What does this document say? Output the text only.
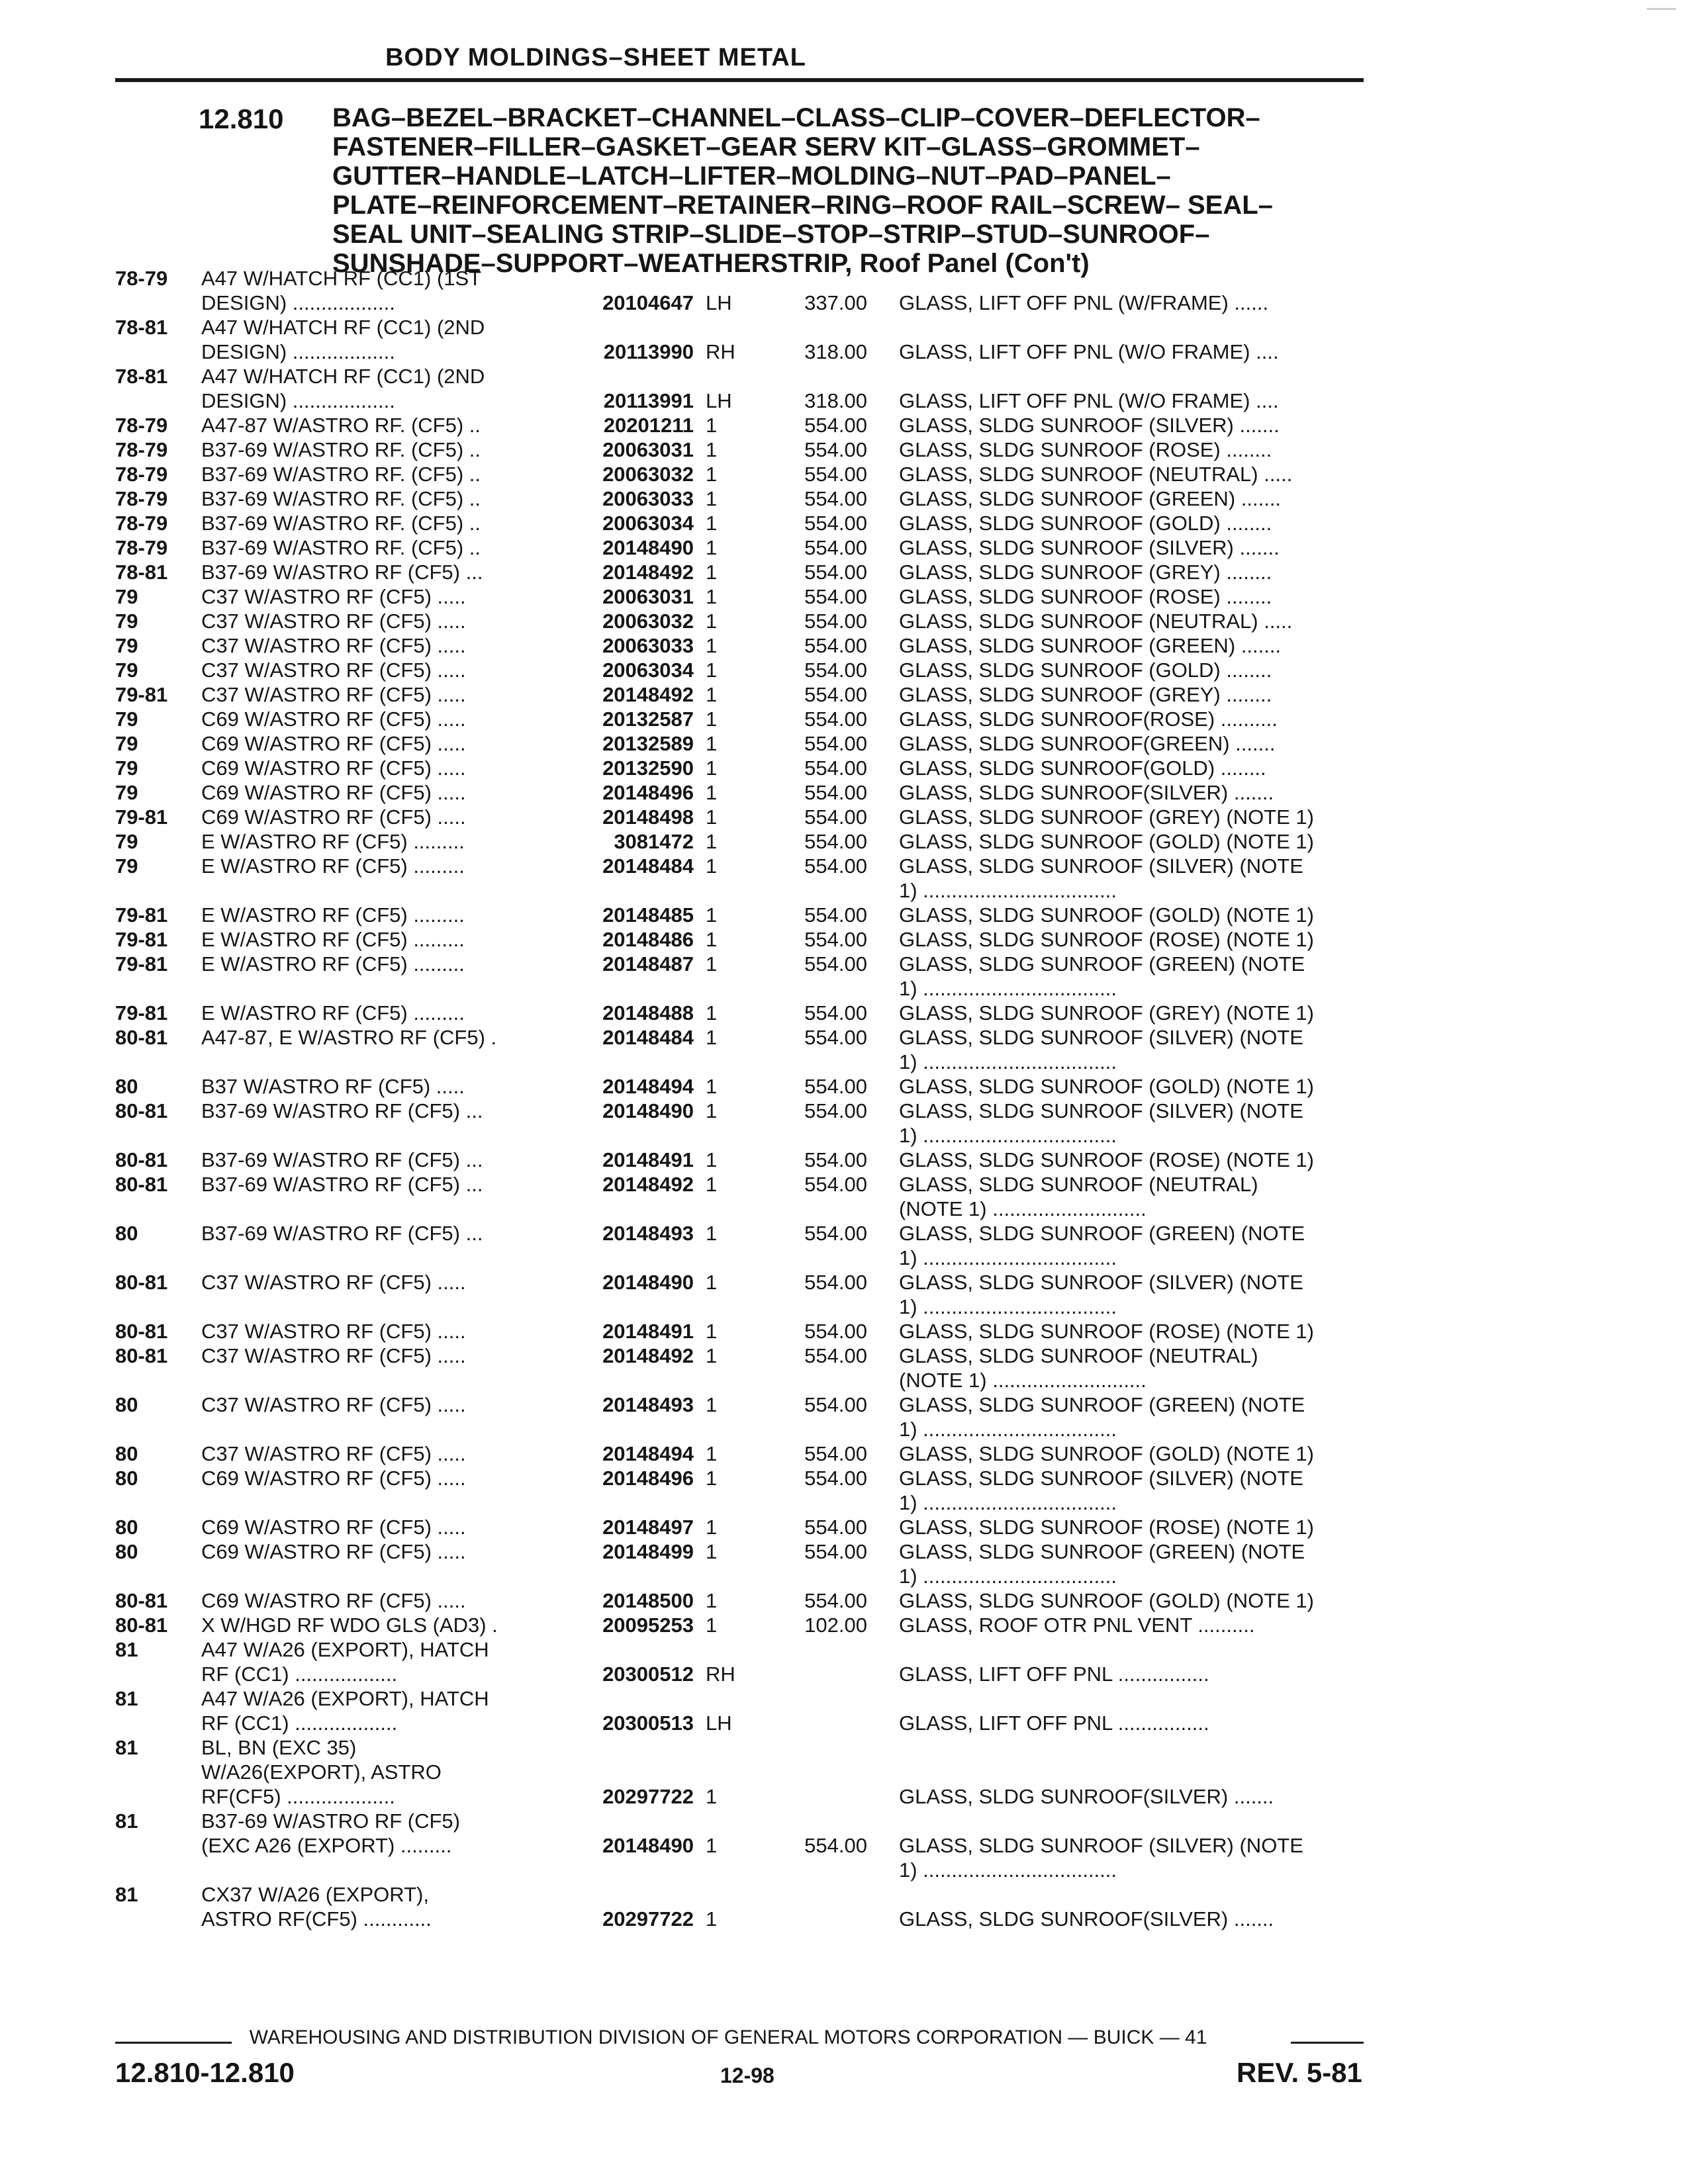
BODY MOLDINGS–SHEET METAL
12.810 BAG–BEZEL–BRACKET–CHANNEL–CLASS–CLIP–COVER–DEFLECTOR–
FASTENER–FILLER–GASKET–GEAR SERV KIT–GLASS–GROMMET–
GUTTER–HANDLE–LATCH–LIFTER–MOLDING–NUT–PAD–PANEL–
PLATE–REINFORCEMENT–RETAINER–RING–ROOF RAIL–SCREW– SEAL–
SEAL UNIT–SEALING STRIP–SLIDE–STOP–STRIP–STUD–SUNROOF–
SUNSHADE–SUPPORT–WEATHERSTRIP, Roof Panel (Con't)
78-79 A47 W/HATCH RF (CC1) (1ST
DESIGN) ..................	20104647 LH	337.00 GLASS, LIFT OFF PNL (W/FRAME) ......
78-81 A47 W/HATCH RF (CC1) (2ND
DESIGN) ..................	20113990 RH	318.00 GLASS, LIFT OFF PNL (W/O FRAME) ....
78-81 A47 W/HATCH RF (CC1) (2ND
DESIGN) ..................	20113991 LH	318.00 GLASS, LIFT OFF PNL (W/O FRAME) ....
78-79 A47-87 W/ASTRO RF. (CF5) ..	20201211 1	554.00 GLASS, SLDG SUNROOF (SILVER) .......
78-79 B37-69 W/ASTRO RF. (CF5) ..	20063031 1	554.00 GLASS, SLDG SUNROOF (ROSE) ........
78-79 B37-69 W/ASTRO RF. (CF5) ..	20063032 1	554.00 GLASS, SLDG SUNROOF (NEUTRAL) .....
78-79 B37-69 W/ASTRO RF. (CF5) ..	20063033 1	554.00 GLASS, SLDG SUNROOF (GREEN) .......
78-79 B37-69 W/ASTRO RF. (CF5) ..	20063034 1	554.00 GLASS, SLDG SUNROOF (GOLD) ........
78-79 B37-69 W/ASTRO RF. (CF5) ..	20148490 1	554.00 GLASS, SLDG SUNROOF (SILVER) .......
78-81 B37-69 W/ASTRO RF (CF5) ...	20148492 1	554.00 GLASS, SLDG SUNROOF (GREY) ........
79	C37 W/ASTRO RF (CF5) .....	20063031 1	554.00 GLASS, SLDG SUNROOF (ROSE) ........
79	C37 W/ASTRO RF (CF5) .....	20063032 1	554.00 GLASS, SLDG SUNROOF (NEUTRAL) .....
79	C37 W/ASTRO RF (CF5) .....	20063033 1	554.00 GLASS, SLDG SUNROOF (GREEN) .......
79	C37 W/ASTRO RF (CF5) .....	20063034 1	554.00 GLASS, SLDG SUNROOF (GOLD) ........
79-81 C37 W/ASTRO RF (CF5) .....	20148492 1	554.00 GLASS, SLDG SUNROOF (GREY) ........
79	C69 W/ASTRO RF (CF5) .....	20132587 1	554.00 GLASS, SLDG SUNROOF(ROSE) ..........
79	C69 W/ASTRO RF (CF5) .....	20132589 1	554.00 GLASS, SLDG SUNROOF(GREEN) .......
79	C69 W/ASTRO RF (CF5) .....	20132590 1	554.00 GLASS, SLDG SUNROOF(GOLD) ........
79	C69 W/ASTRO RF (CF5) .....	20148496 1	554.00 GLASS, SLDG SUNROOF(SILVER) .......
79-81 C69 W/ASTRO RF (CF5) .....	20148498 1	554.00 GLASS, SLDG SUNROOF (GREY) (NOTE 1)
79	E W/ASTRO RF (CF5) .........	3081472 1	554.00 GLASS, SLDG SUNROOF (GOLD) (NOTE 1)
79	E W/ASTRO RF (CF5) .........	20148484 1	554.00 GLASS, SLDG SUNROOF (SILVER) (NOTE
1) ..................................
79-81 E W/ASTRO RF (CF5) .........	20148485 1	554.00 GLASS, SLDG SUNROOF (GOLD) (NOTE 1)
79-81 E W/ASTRO RF (CF5) .........	20148486 1	554.00 GLASS, SLDG SUNROOF (ROSE) (NOTE 1)
79-81 E W/ASTRO RF (CF5) .........	20148487 1	554.00 GLASS, SLDG SUNROOF (GREEN) (NOTE
1) ..................................
79-81 E W/ASTRO RF (CF5) .........	20148488 1	554.00 GLASS, SLDG SUNROOF (GREY) (NOTE 1)
80-81 A47-87, E W/ASTRO RF (CF5) .	20148484 1	554.00 GLASS, SLDG SUNROOF (SILVER) (NOTE
1) ..................................
80	B37 W/ASTRO RF (CF5) .....	20148494 1	554.00 GLASS, SLDG SUNROOF (GOLD) (NOTE 1)
80-81 B37-69 W/ASTRO RF (CF5) ...	20148490 1	554.00 GLASS, SLDG SUNROOF (SILVER) (NOTE
1) ..................................
80-81 B37-69 W/ASTRO RF (CF5) ...	20148491 1	554.00 GLASS, SLDG SUNROOF (ROSE) (NOTE 1)
80-81 B37-69 W/ASTRO RF (CF5) ...	20148492 1	554.00 GLASS, SLDG SUNROOF (NEUTRAL)
(NOTE 1) ...........................
80	B37-69 W/ASTRO RF (CF5) ...	20148493 1	554.00 GLASS, SLDG SUNROOF (GREEN) (NOTE
1) ..................................
80-81 C37 W/ASTRO RF (CF5) .....	20148490 1	554.00 GLASS, SLDG SUNROOF (SILVER) (NOTE
1) ..................................
80-81 C37 W/ASTRO RF (CF5) .....	20148491 1	554.00 GLASS, SLDG SUNROOF (ROSE) (NOTE 1)
80-81 C37 W/ASTRO RF (CF5) .....	20148492 1	554.00 GLASS, SLDG SUNROOF (NEUTRAL)
(NOTE 1) ...........................
80	C37 W/ASTRO RF (CF5) .....	20148493 1	554.00 GLASS, SLDG SUNROOF (GREEN) (NOTE
1) ..................................
80	C37 W/ASTRO RF (CF5) .....	20148494 1	554.00 GLASS, SLDG SUNROOF (GOLD) (NOTE 1)
80	C69 W/ASTRO RF (CF5) .....	20148496 1	554.00 GLASS, SLDG SUNROOF (SILVER) (NOTE
1) ..................................
80	C69 W/ASTRO RF (CF5) .....	20148497 1	554.00 GLASS, SLDG SUNROOF (ROSE) (NOTE 1)
80	C69 W/ASTRO RF (CF5) .....	20148499 1	554.00 GLASS, SLDG SUNROOF (GREEN) (NOTE
1) ..................................
80-81 C69 W/ASTRO RF (CF5) .....	20148500 1	554.00 GLASS, SLDG SUNROOF (GOLD) (NOTE 1)
80-81 X W/HGD RF WDO GLS (AD3) .	20095253 1	102.00 GLASS, ROOF OTR PNL VENT ..........
81	A47 W/A26 (EXPORT), HATCH
RF (CC1) ..................	20300512 RH	GLASS, LIFT OFF PNL ................
81	A47 W/A26 (EXPORT), HATCH
RF (CC1) ..................	20300513 LH	GLASS, LIFT OFF PNL ................
81	BL, BN (EXC 35)
W/A26(EXPORT), ASTRO
RF(CF5) ...................	20297722 1	GLASS, SLDG SUNROOF(SILVER) .......
81	B37-69 W/ASTRO RF (CF5)
(EXC A26 (EXPORT) .........	20148490 1	554.00 GLASS, SLDG SUNROOF (SILVER) (NOTE
1) ..................................
81	CX37 W/A26 (EXPORT),
ASTRO RF(CF5) ............	20297722 1	GLASS, SLDG SUNROOF(SILVER) .......
WAREHOUSING AND DISTRIBUTION DIVISION OF GENERAL MOTORS CORPORATION — BUICK — 41
12.810-12.810	12-98	REV. 5-81
